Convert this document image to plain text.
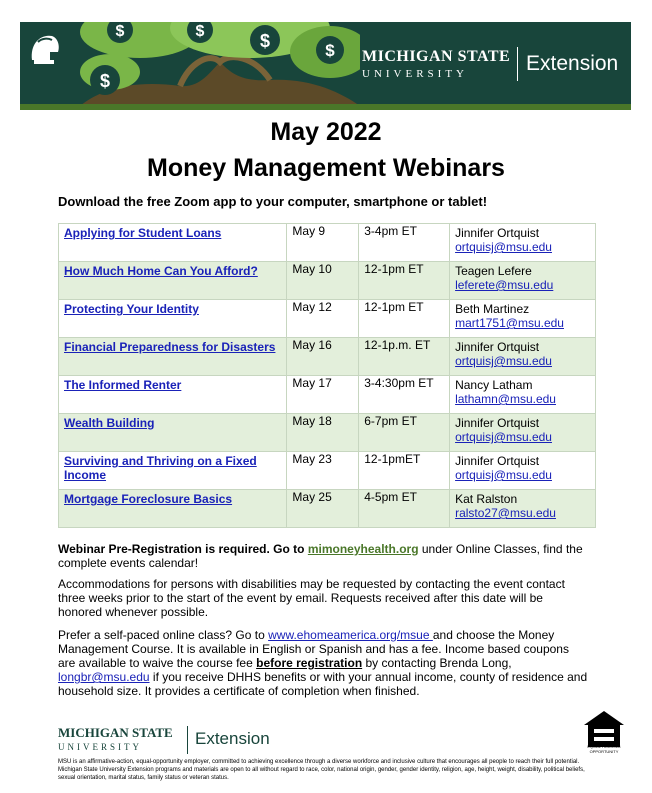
$	$	$	$
$
MICHIGAN STATE
UNIVERSITY	Extension
May 2022
Money Management Webinars
Download the free Zoom app to your computer, smartphone or tablet!
Applying for Student Loans	May 9	3-4pm ET	Jinnifer Ortquist
ortquisj@msu.edu
How Much Home Can You Afford?	May 10	12-1pm ET	Teagen Lefere
leferete@msu.edu
Protecting Your Identity	May 12	12-1pm ET	Beth Martinez
mart1751@msu.edu
Financial Preparedness for Disasters	May 16	12-1p.m. ET	Jinnifer Ortquist
ortquisj@msu.edu
The Informed Renter	May 17	3-4:30pm ET	Nancy Latham
lathamn@msu.edu
Wealth Building	May 18	6-7pm ET	Jinnifer Ortquist
ortquisj@msu.edu
Surviving and Thriving on a Fixed Income	May 23	12-1pmET	Jinnifer Ortquist
ortquisj@msu.edu
Mortgage Foreclosure Basics	May 25	4-5pm ET	Kat Ralston
ralsto27@msu.edu

Webinar Pre-Registration is required. Go to mimoneyhealth.org under Online Classes, find the complete events calendar!

Accommodations for persons with disabilities may be requested by contacting the event contact three weeks prior to the start of the event by email. Requests received after this date will be honored whenever possible.

Prefer a self-paced online class? Go to www.ehomeamerica.org/msue and choose the Money Management Course. It is available in English or Spanish and has a fee. Income based coupons are available to waive the course fee before registration by contacting Brenda Long, longbr@msu.edu if you receive DHHS benefits or with your annual income, county of residence and household size. It provides a certificate of completion when finished.

MICHIGAN STATE
UNIVERSITY	Extension
MSU is an affirmative-action, equal-opportunity employer, committed to achieving excellence through a diverse workforce and inclusive culture that encourages all people to reach their full potential. Michigan State University Extension programs and materials are open to all without regard to race, color, national origin, gender, gender identity, religion, age, height, weight, disability, political beliefs, sexual orientation, marital status, family status or veteran status.
EQUAL HOUSING OPPORTUNITY
